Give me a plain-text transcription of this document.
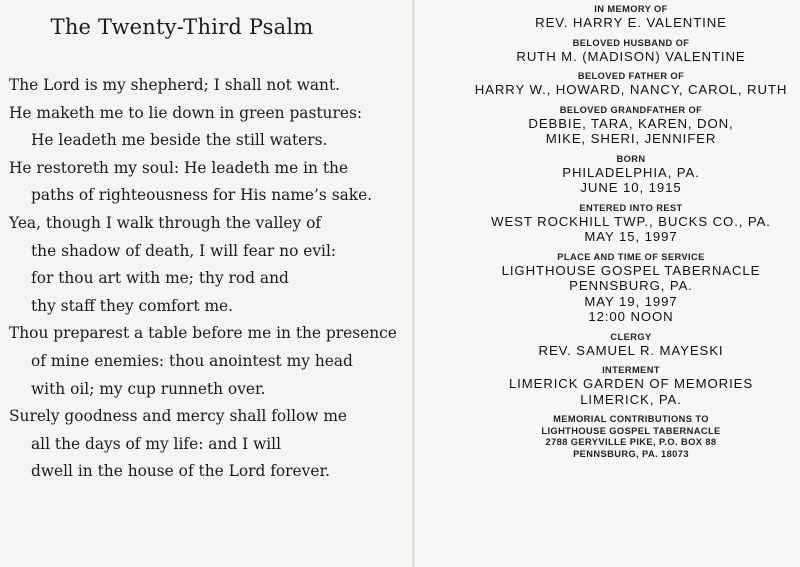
The Twenty-Third Psalm
The Lord is my shepherd; I shall not want.
He maketh me to lie down in green pastures:
He leadeth me beside the still waters.
He restoreth my soul: He leadeth me in the
paths of righteousness for His name’s sake.
Yea, though I walk through the valley of
the shadow of death, I will fear no evil:
for thou art with me; thy rod and
thy staff they comfort me.
Thou preparest a table before me in the presence
of mine enemies: thou anointest my head
with oil; my cup runneth over.
Surely goodness and mercy shall follow me
all the days of my life: and I will
dwell in the house of the Lord forever.
IN MEMORY OF
REV. HARRY E. VALENTINE
BELOVED HUSBAND OF
RUTH M. (MADISON) VALENTINE
BELOVED FATHER OF
HARRY W., HOWARD, NANCY, CAROL, RUTH
BELOVED GRANDFATHER OF
DEBBIE, TARA, KAREN, DON,
MIKE, SHERI, JENNIFER
BORN
PHILADELPHIA, PA.
JUNE 10, 1915
ENTERED INTO REST
WEST ROCKHILL TWP., BUCKS CO., PA.
MAY 15, 1997
PLACE AND TIME OF SERVICE
LIGHTHOUSE GOSPEL TABERNACLE
PENNSBURG, PA.
MAY 19, 1997
12:00 NOON
CLERGY
REV. SAMUEL R. MAYESKI
INTERMENT
LIMERICK GARDEN OF MEMORIES
LIMERICK, PA.
MEMORIAL CONTRIBUTIONS TO
LIGHTHOUSE GOSPEL TABERNACLE
2788 GERYVILLE PIKE, P.O. BOX 88
PENNSBURG, PA. 18073
